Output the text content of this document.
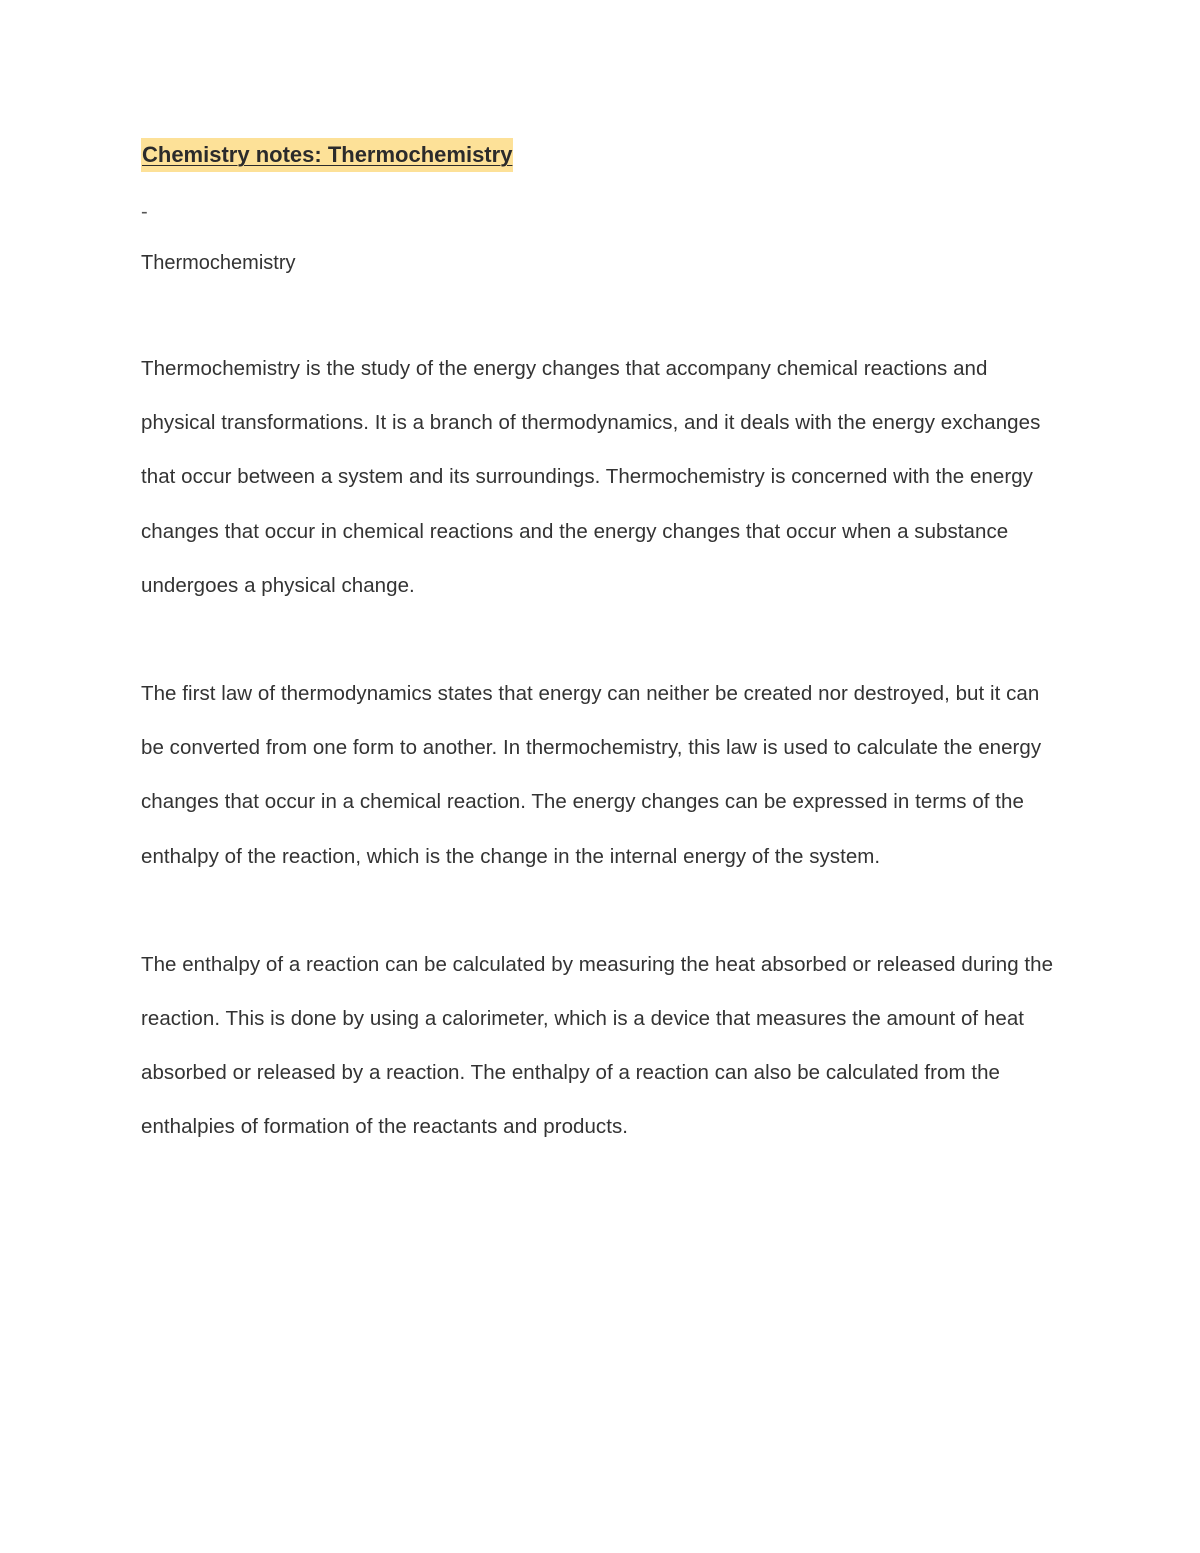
Chemistry notes: Thermochemistry
-
Thermochemistry

Thermochemistry is the study of the energy changes that accompany chemical reactions and physical transformations. It is a branch of thermodynamics, and it deals with the energy exchanges that occur between a system and its surroundings. Thermochemistry is concerned with the energy changes that occur in chemical reactions and the energy changes that occur when a substance undergoes a physical change.

The first law of thermodynamics states that energy can neither be created nor destroyed, but it can be converted from one form to another. In thermochemistry, this law is used to calculate the energy changes that occur in a chemical reaction. The energy changes can be expressed in terms of the enthalpy of the reaction, which is the change in the internal energy of the system.

The enthalpy of a reaction can be calculated by measuring the heat absorbed or released during the reaction. This is done by using a calorimeter, which is a device that measures the amount of heat absorbed or released by a reaction. The enthalpy of a reaction can also be calculated from the enthalpies of formation of the reactants and products.
